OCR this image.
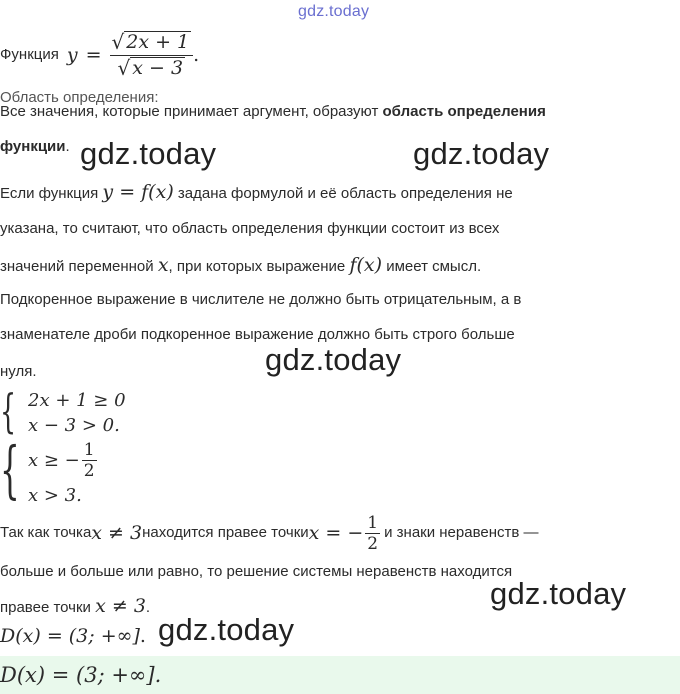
gdz.today
Функция $y = \frac{√ 2x + 1}{√ x - 3}$ .
Область определения:
Все значения, которые принимает аргумент, образуют область определения
функции. gdz.today	gdz.today
Если функция y = f(x) задана формулой и её область определения не
указана, то считают, что область определения функции состоит из всех
значений переменной x, при которых выражение f(x) имеет смысл.
Подкоренное выражение в числителе не должно быть отрицательным, а в
знаменателе дроби подкоренное выражение должно быть строго больше
нуля.	gdz.today
{ 2x + 1 ≥ 0
x − 3 > 0.
{ x ≥ − $\frac{1}{2}$
x > 3.
Так как точка x ≠ 3 находится правее точки x = − $\frac{1}{2}$ и знаки неравенств —
больше и больше или равно, то решение системы неравенств находится
правее точки x ≠ 3.	gdz.today
D(x) = (3; +∞]. gdz.today
D(x) = (3; +∞].
